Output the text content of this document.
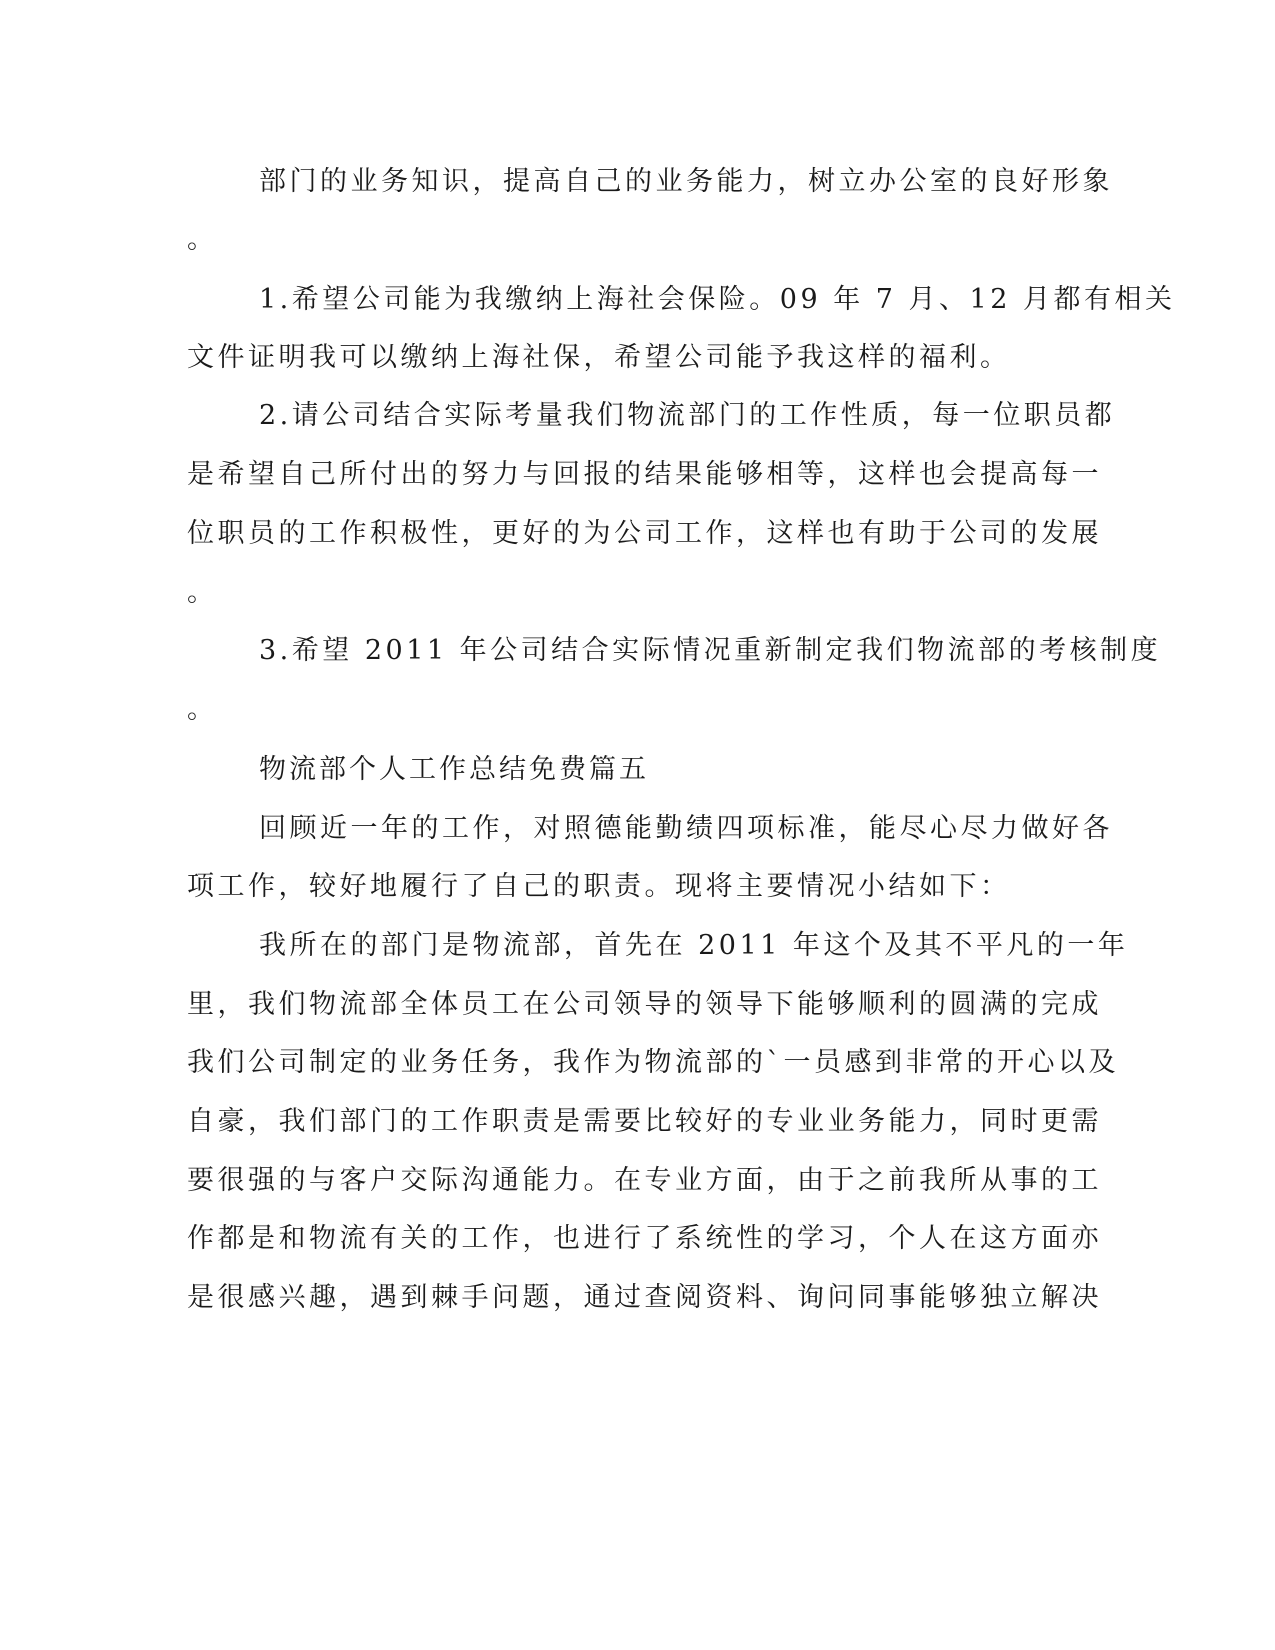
部门的业务知识，提高自己的业务能力，树立办公室的良好形象
。
1.希望公司能为我缴纳上海社会保险。09 年 7 月、12 月都有相关
文件证明我可以缴纳上海社保，希望公司能予我这样的福利。
2.请公司结合实际考量我们物流部门的工作性质，每一位职员都
是希望自己所付出的努力与回报的结果能够相等，这样也会提高每一
位职员的工作积极性，更好的为公司工作，这样也有助于公司的发展
。
3.希望 2011 年公司结合实际情况重新制定我们物流部的考核制度
。
物流部个人工作总结免费篇五
回顾近一年的工作，对照德能勤绩四项标准，能尽心尽力做好各
项工作，较好地履行了自己的职责。现将主要情况小结如下：
我所在的部门是物流部，首先在 2011 年这个及其不平凡的一年
里，我们物流部全体员工在公司领导的领导下能够顺利的圆满的完成
我们公司制定的业务任务，我作为物流部的`一员感到非常的开心以及
自豪，我们部门的工作职责是需要比较好的专业业务能力，同时更需
要很强的与客户交际沟通能力。在专业方面，由于之前我所从事的工
作都是和物流有关的工作，也进行了系统性的学习，个人在这方面亦
是很感兴趣，遇到棘手问题，通过查阅资料、询问同事能够独立解决
